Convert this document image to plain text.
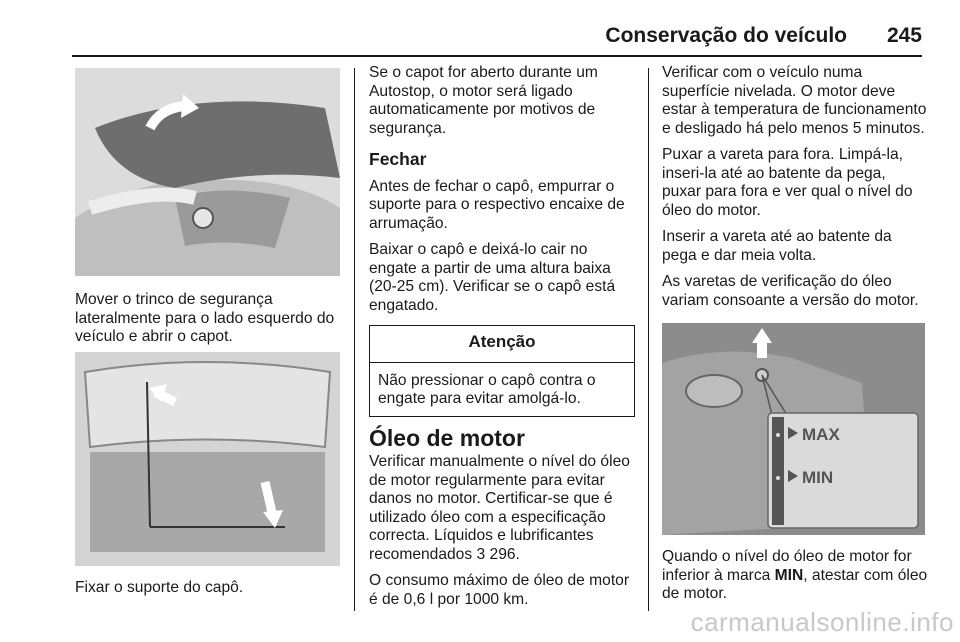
Conservação do veículo 245

Mover o trinco de segurança lateralmente para o lado esquerdo do veículo e abrir o capot.

Fixar o suporte do capô.

Se o capot for aberto durante um Autostop, o motor será ligado automaticamente por motivos de segurança.

Fechar

Antes de fechar o capô, empurrar o suporte para o respectivo encaixe de arrumação.

Baixar o capô e deixá-lo cair no engate a partir de uma altura baixa (20-25 cm). Verificar se o capô está engatado.

Atenção
Não pressionar o capô contra o engate para evitar amolgá-lo.
Óleo de motor

Verificar manualmente o nível do óleo de motor regularmente para evitar danos no motor. Certificar-se que é utilizado óleo com a especificação correcta. Líquidos e lubrificantes recomendados 3 296.

O consumo máximo de óleo de motor é de 0,6 l por 1000 km.

Verificar com o veículo numa superfície nivelada. O motor deve estar à temperatura de funcionamento e desligado há pelo menos 5 minutos.

Puxar a vareta para fora. Limpá-la, inseri-la até ao batente da pega, puxar para fora e ver qual o nível do óleo do motor.

Inserir a vareta até ao batente da pega e dar meia volta.

As varetas de verificação do óleo variam consoante a versão do motor.

MAX
MIN

Quando o nível do óleo de motor for inferior à marca MIN, atestar com óleo de motor.

carmanualsonline.info
